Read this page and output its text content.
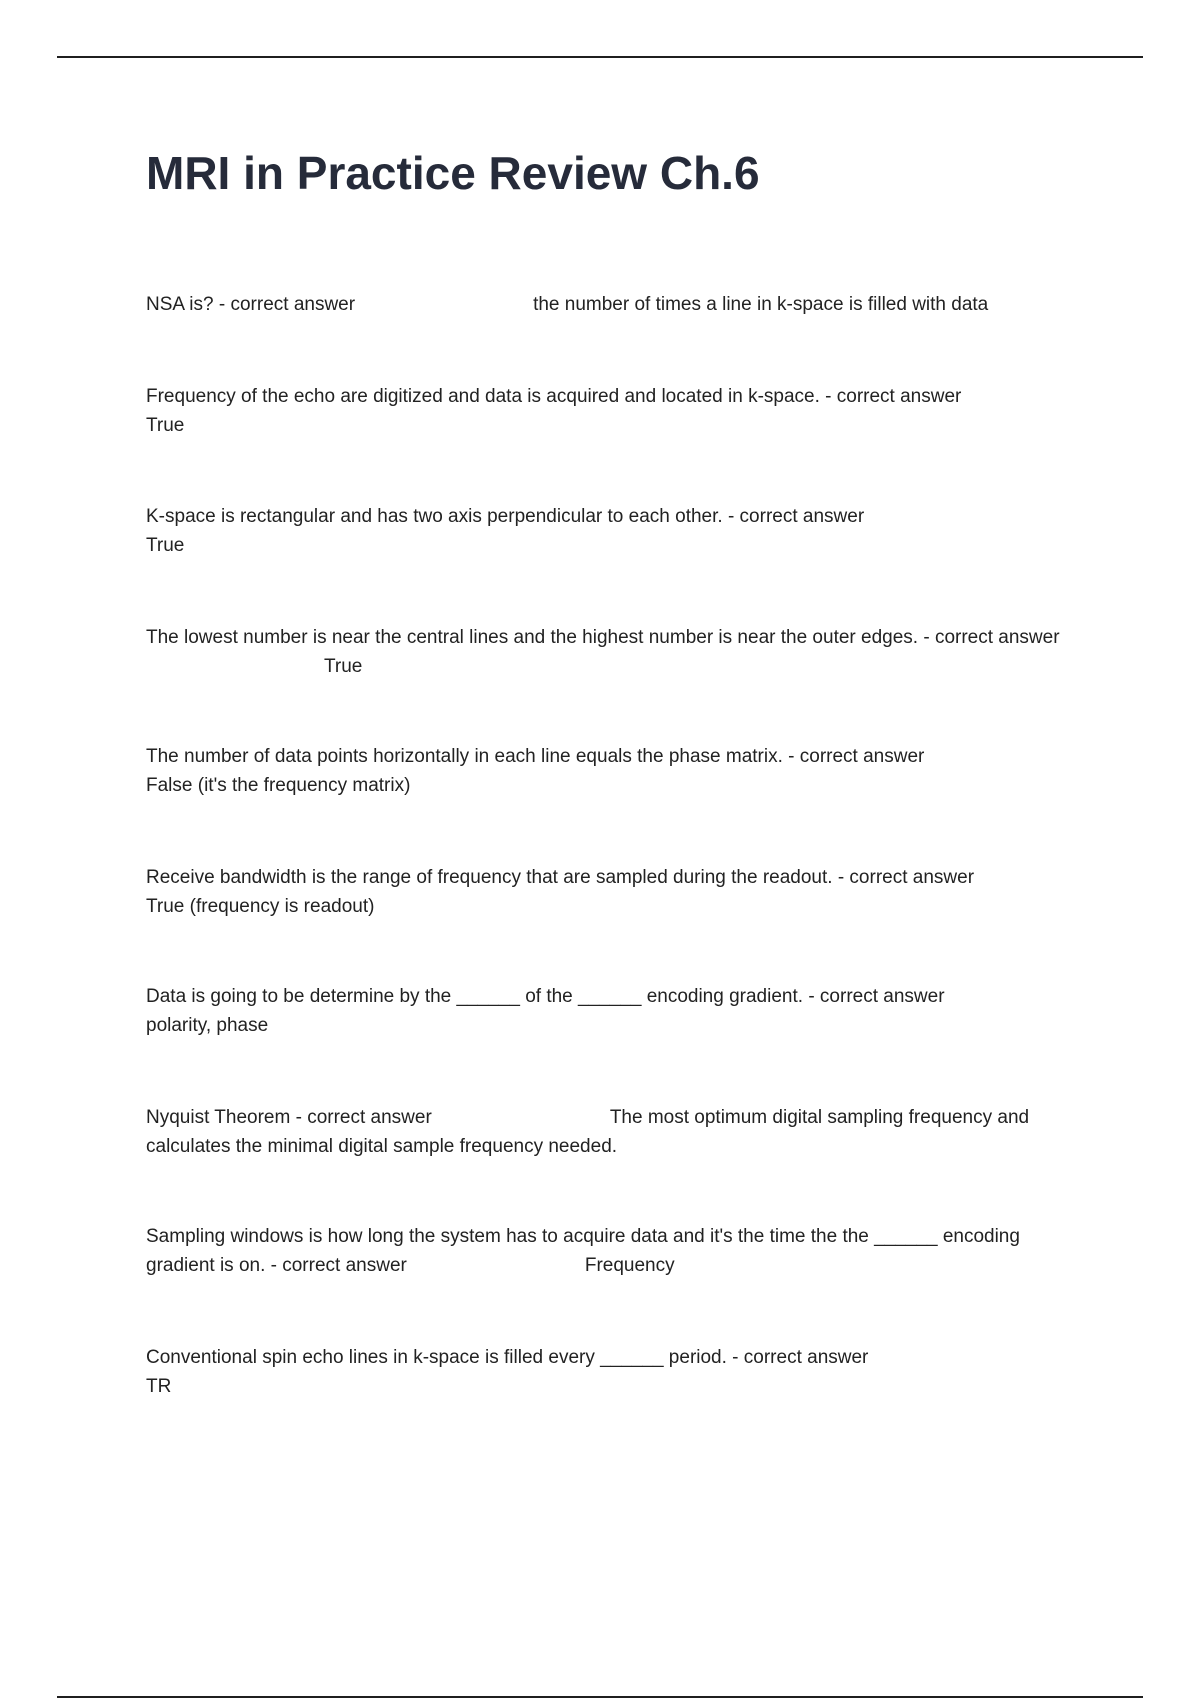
MRI in Practice Review Ch.6
NSA is? - correct answer	the number of times a line in k-space is filled with data
Frequency of the echo are digitized and data is acquired and located in k-space. - correct answer
True
K-space is rectangular and has two axis perpendicular to each other. - correct answer
True
The lowest number is near the central lines and the highest number is near the outer edges. - correct answerTrue
The number of data points horizontally in each line equals the phase matrix. - correct answer
False (it's the frequency matrix)
Receive bandwidth is the range of frequency that are sampled during the readout. - correct answer
True (frequency is readout)
Data is going to be determine by the ______ of the ______ encoding gradient. - correct answer
polarity, phase
Nyquist Theorem - correct answer	The most optimum digital sampling frequency and calculates the minimal digital sample frequency needed.
Sampling windows is how long the system has to acquire data and it's the time the the ______ encoding gradient is on. - correct answer	Frequency
Conventional spin echo lines in k-space is filled every ______ period. - correct answer
TR
